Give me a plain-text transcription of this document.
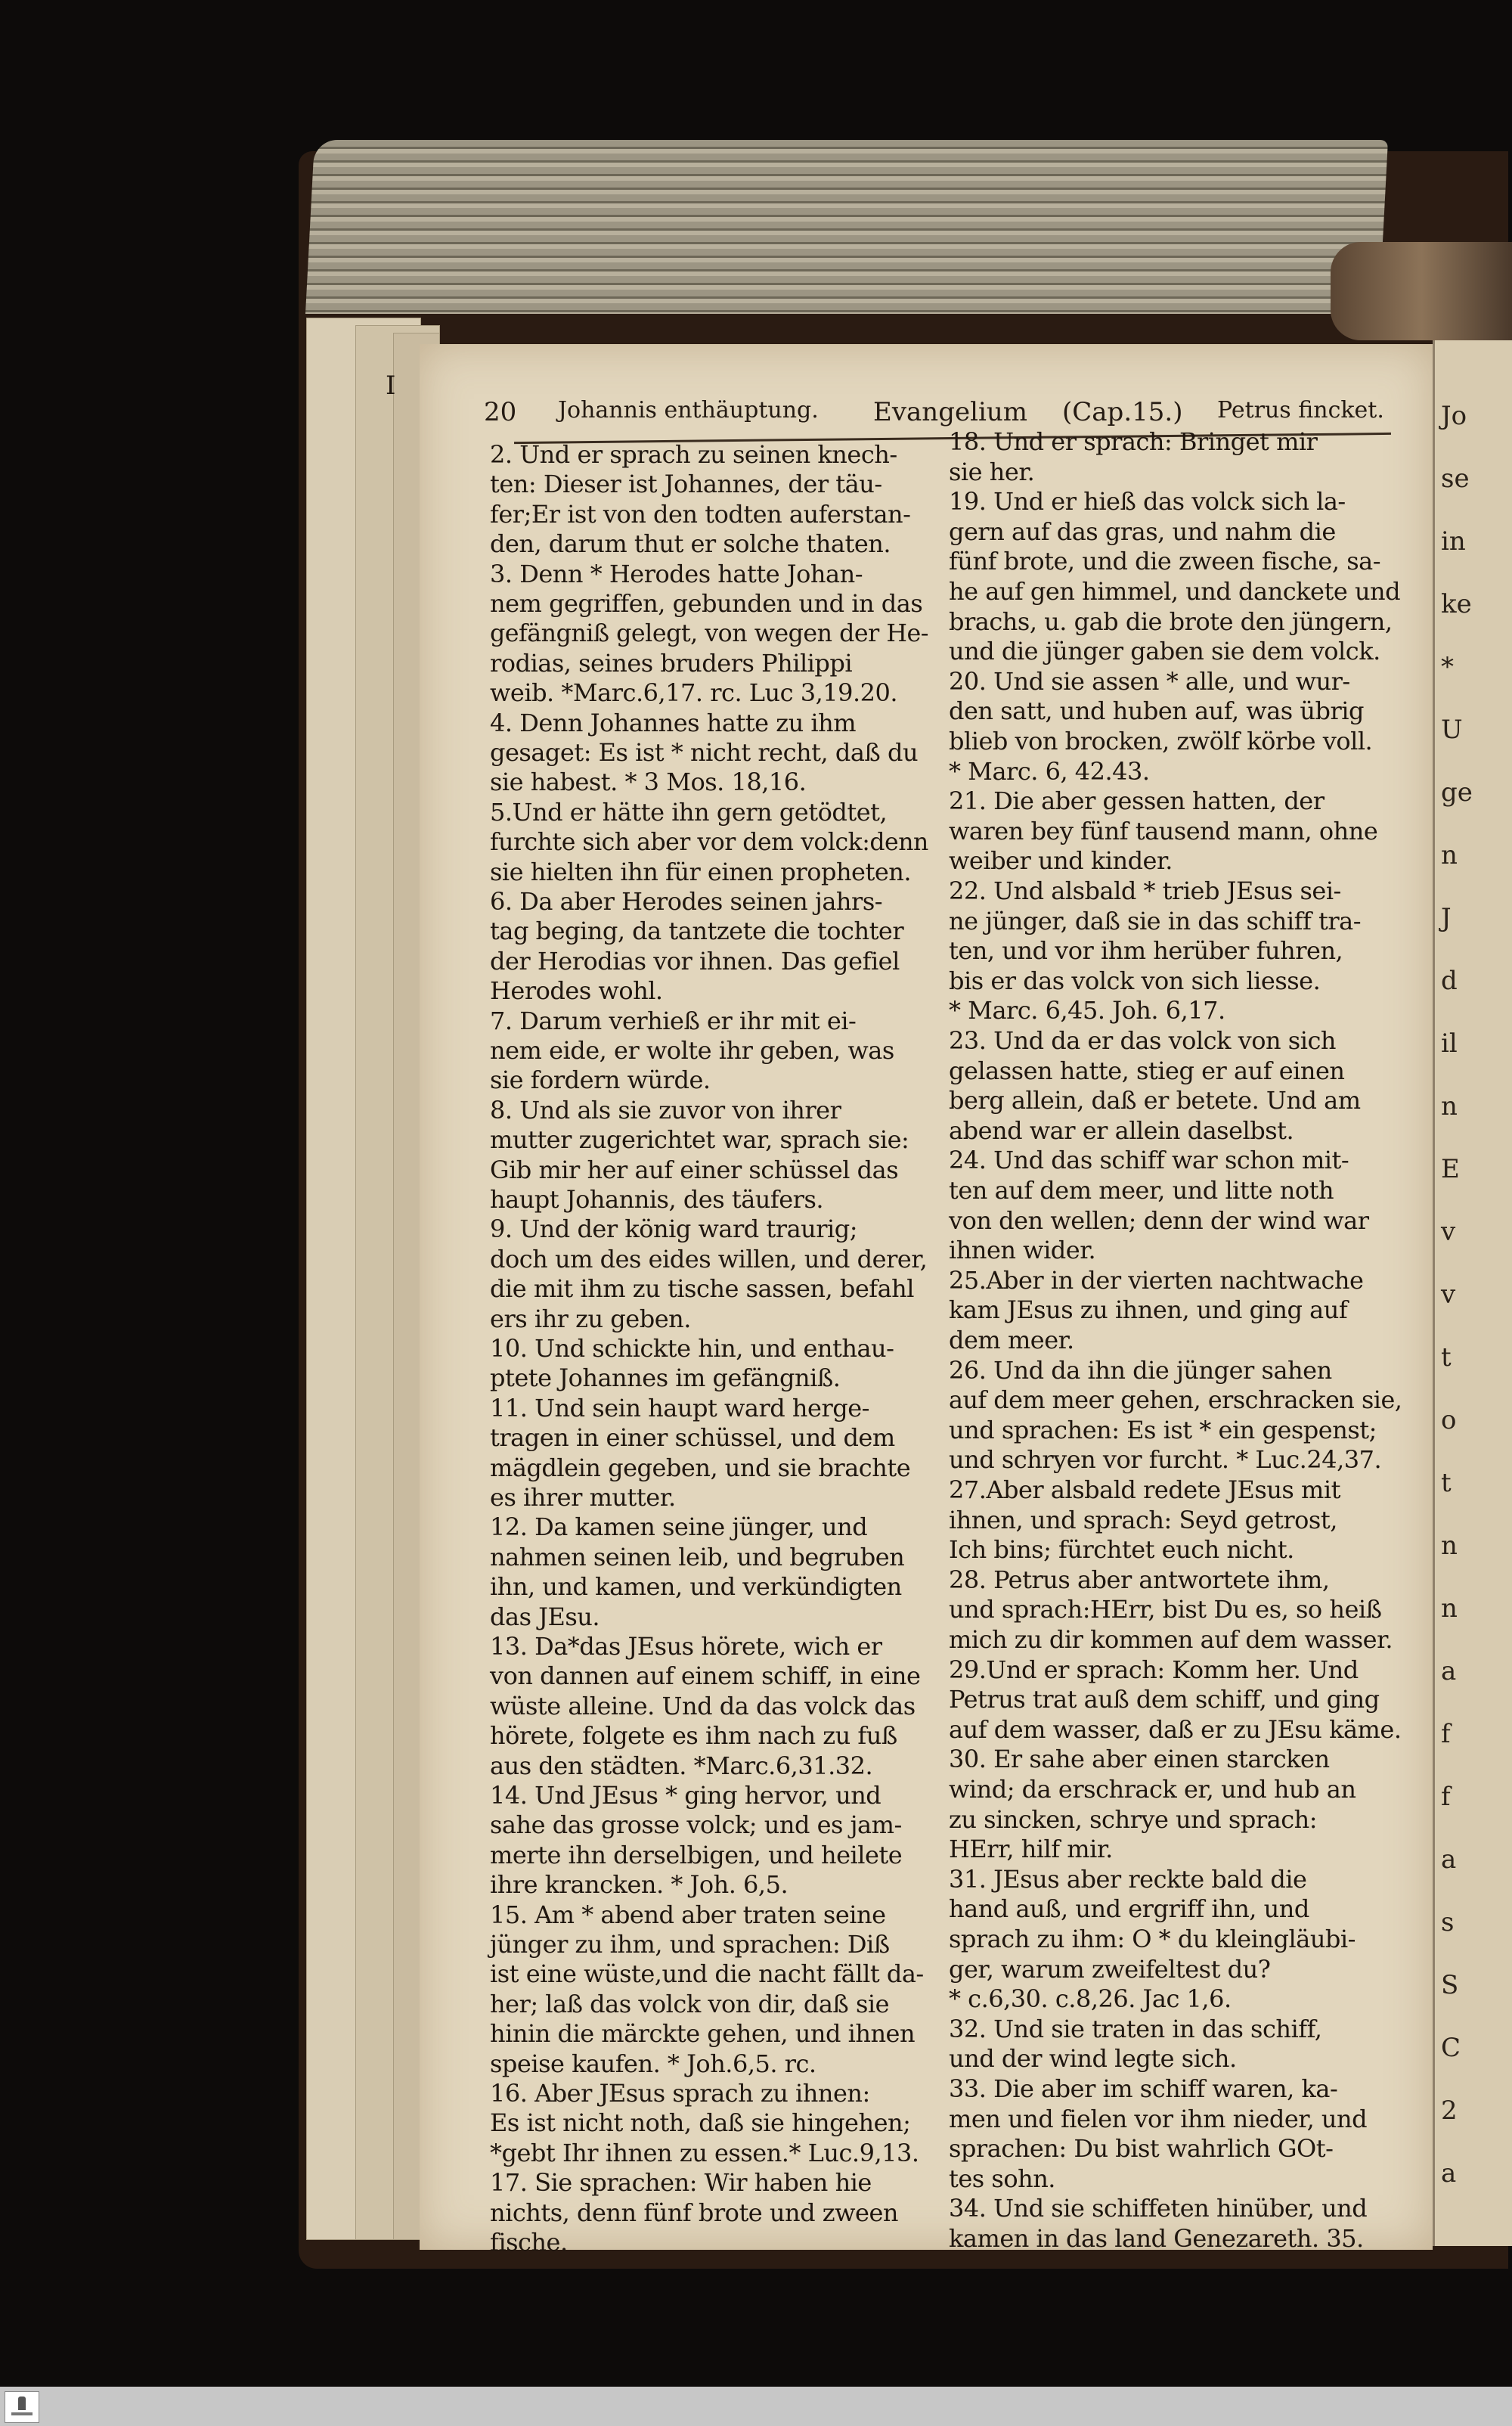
I
Jo
se
in
ke
*
U
ge
n
J
d
il
n
E
v
v
t
o
t
n
n
a
f
f
a
s
S
C
2
a
20 Johannis enthäuptung. Evangelium (Cap.15.) Petrus fincket.
2. Und er sprach zu seinen knech-
ten: Dieser ist Johannes, der täu-
fer;Er ist von den todten auferstan-
den, darum thut er solche thaten.
3. Denn * Herodes hatte Johan-
nem gegriffen, gebunden und in das
gefängniß gelegt, von wegen der He-
rodias, seines bruders Philippi
weib. *Marc.6,17. rc. Luc 3,19.20.
4. Denn Johannes hatte zu ihm
gesaget: Es ist * nicht recht, daß du
sie habest. * 3 Mos. 18,16.
5.Und er hätte ihn gern getödtet,
furchte sich aber vor dem volck:denn
sie hielten ihn für einen propheten.
6. Da aber Herodes seinen jahrs-
tag beging, da tantzete die tochter
der Herodias vor ihnen. Das gefiel
Herodes wohl.
7. Darum verhieß er ihr mit ei-
nem eide, er wolte ihr geben, was
sie fordern würde.
8. Und als sie zuvor von ihrer
mutter zugerichtet war, sprach sie:
Gib mir her auf einer schüssel das
haupt Johannis, des täufers.
9. Und der könig ward traurig;
doch um des eides willen, und derer,
die mit ihm zu tische sassen, befahl
ers ihr zu geben.
10. Und schickte hin, und enthau-
ptete Johannes im gefängniß.
11. Und sein haupt ward herge-
tragen in einer schüssel, und dem
mägdlein gegeben, und sie brachte
es ihrer mutter.
12. Da kamen seine jünger, und
nahmen seinen leib, und begruben
ihn, und kamen, und verkündigten
das JEsu.
13. Da*das JEsus hörete, wich er
von dannen auf einem schiff, in eine
wüste alleine. Und da das volck das
hörete, folgete es ihm nach zu fuß
aus den städten. *Marc.6,31.32.
14. Und JEsus * ging hervor, und
sahe das grosse volck; und es jam-
merte ihn derselbigen, und heilete
ihre krancken. * Joh. 6,5.
15. Am * abend aber traten seine
jünger zu ihm, und sprachen: Diß
ist eine wüste,und die nacht fällt da-
her; laß das volck von dir, daß sie
hinin die märckte gehen, und ihnen
speise kaufen. * Joh.6,5. rc.
16. Aber JEsus sprach zu ihnen:
Es ist nicht noth, daß sie hingehen;
*gebt Ihr ihnen zu essen.* Luc.9,13.
17. Sie sprachen: Wir haben hie
nichts, denn fünf brote und zween
fische.
18. Und er sprach: Bringet mir
sie her.
19. Und er hieß das volck sich la-
gern auf das gras, und nahm die
fünf brote, und die zween fische, sa-
he auf gen himmel, und danckete und
brachs, u. gab die brote den jüngern,
und die jünger gaben sie dem volck.
20. Und sie assen * alle, und wur-
den satt, und huben auf, was übrig
blieb von brocken, zwölf körbe voll.
* Marc. 6, 42.43.
21. Die aber gessen hatten, der
waren bey fünf tausend mann, ohne
weiber und kinder.
22. Und alsbald * trieb JEsus sei-
ne jünger, daß sie in das schiff tra-
ten, und vor ihm herüber fuhren,
bis er das volck von sich liesse.
* Marc. 6,45. Joh. 6,17.
23. Und da er das volck von sich
gelassen hatte, stieg er auf einen
berg allein, daß er betete. Und am
abend war er allein daselbst.
24. Und das schiff war schon mit-
ten auf dem meer, und litte noth
von den wellen; denn der wind war
ihnen wider.
25.Aber in der vierten nachtwache
kam JEsus zu ihnen, und ging auf
dem meer.
26. Und da ihn die jünger sahen
auf dem meer gehen, erschracken sie,
und sprachen: Es ist * ein gespenst;
und schryen vor furcht. * Luc.24,37.
27.Aber alsbald redete JEsus mit
ihnen, und sprach: Seyd getrost,
Ich bins; fürchtet euch nicht.
28. Petrus aber antwortete ihm,
und sprach:HErr, bist Du es, so heiß
mich zu dir kommen auf dem wasser.
29.Und er sprach: Komm her. Und
Petrus trat auß dem schiff, und ging
auf dem wasser, daß er zu JEsu käme.
30. Er sahe aber einen starcken
wind; da erschrack er, und hub an
zu sincken, schrye und sprach:
HErr, hilf mir.
31. JEsus aber reckte bald die
hand auß, und ergriff ihn, und
sprach zu ihm: O * du kleingläubi-
ger, warum zweifeltest du?
* c.6,30. c.8,26. Jac 1,6.
32. Und sie traten in das schiff,
und der wind legte sich.
33. Die aber im schiff waren, ka-
men und fielen vor ihm nieder, und
sprachen: Du bist wahrlich GOt-
tes sohn.
34. Und sie schiffeten hinüber, und
kamen in das land Genezareth. 35.
